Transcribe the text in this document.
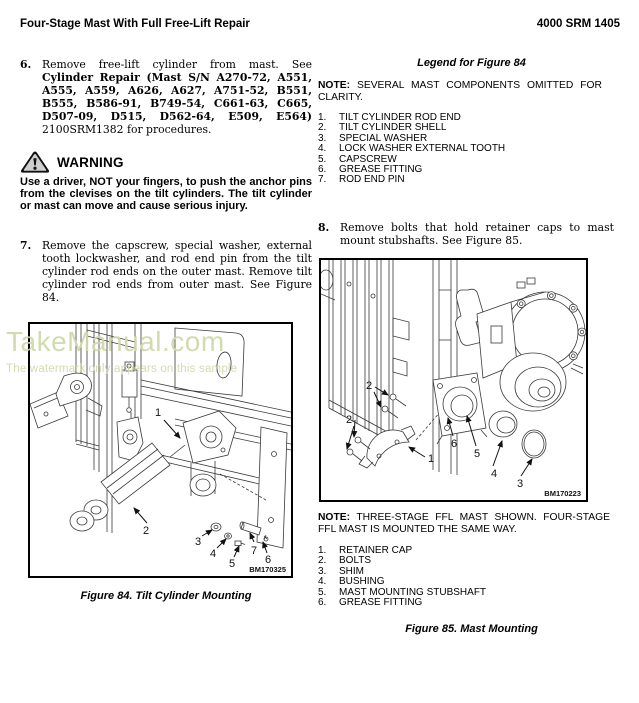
Four-Stage Mast With Full Free-Lift Repair	4000 SRM 1405
6. Remove free-lift cylinder from mast. See Cylinder Repair (Mast S/N A270-72, A551, A555, A559, A626, A627, A751-52, B551, B555, B586-91, B749-54, C661-63, C665, D507-09, D515, D562-64, E509, E564) 2100SRM1382 for procedures.
WARNING
Use a driver, NOT your fingers, to push the anchor pins from the clevises on the tilt cylinders. The tilt cylinder or mast can move and cause serious injury.
7. Remove the capscrew, special washer, external tooth lockwasher, and rod end pin from the tilt cylinder rod ends on the outer mast. Remove tilt cylinder rod ends from outer mast. See Figure 84.
1
2
3
4
5
7
6
BM170325
Figure 84. Tilt Cylinder Mounting
TakeManual.com
The watermark only appears on this sample
Legend for Figure 84
NOTE: SEVERAL MAST COMPONENTS OMITTED FOR CLARITY.
1.	TILT CYLINDER ROD END
2.	TILT CYLINDER SHELL
3.	SPECIAL WASHER
4.	LOCK WASHER EXTERNAL TOOTH
5.	CAPSCREW
6.	GREASE FITTING
7.	ROD END PIN
8. Remove bolts that hold retainer caps to mast mount stubshafts. See Figure 85.
2
2
1
6
5
4
3
BM170223
NOTE: THREE-STAGE FFL MAST SHOWN. FOUR-STAGE FFL MAST IS MOUNTED THE SAME WAY.
1.	RETAINER CAP
2.	BOLTS
3.	SHIM
4.	BUSHING
5.	MAST MOUNTING STUBSHAFT
6.	GREASE FITTING
Figure 85. Mast Mounting
